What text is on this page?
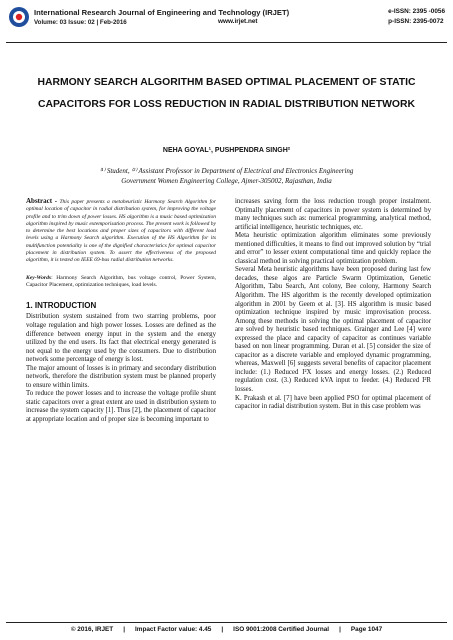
International Research Journal of Engineering and Technology (IRJET)
Volume: 03 Issue: 02 | Feb-2016	www.irjet.net
e-ISSN: 2395 -0056
p-ISSN: 2395-0072
HARMONY SEARCH ALGORITHM BASED OPTIMAL PLACEMENT OF STATIC CAPACITORS FOR LOSS REDUCTION IN RADIAL DISTRIBUTION NETWORK
NEHA GOYAL¹, PUSHPENDRA SINGH²
⁽¹⁾ Student, ⁽²⁾ Assistant Professor in Department of Electrical and Electronics Engineering
Government Women Engineering College, Ajmer-305002, Rajasthan, India

Abstract - This paper presents a metaheuristic Harmony Search Algorithm for optimal location of capacitor in radial distribution system, for improving the voltage profile and to trim down of power losses. HS algorithm is a music based optimization algorithm inspired by music extemporisation process. The present work is followed by to determine the best locations and proper sizes of capacitors with different load levels using a Harmony Search algorithm. Execution of the HS Algorithm for its multifunction potentiality is one of the dignified characteristics for optimal capacitor placement in distribution system. To assert the effectiveness of the proposed algorithm, it is tested on IEEE 69-bus radial distribution networks.

Key-Words: Harmony Search Algorithm, bus voltage control, Power System, Capacitor Placement, optimization techniques, load levels.

1. INTRODUCTION

Distribution system sustained from two starring problems, poor voltage regulation and high power losses. Losses are defined as the difference between energy input in the system and the energy utilized by the end users. Its fact that electrical energy generated is not equal to the energy used by the consumers. Due to distribution network some percentage of energy is lost.

The major amount of losses is in primary and secondary distribution network, therefore the distribution system must be planned properly to ensure within limits.

To reduce the power losses and to increase the voltage profile shunt static capacitors over a great extent are used in distribution system to increase the system capacity [1]. Thus [2], the placement of capacitor at appropriate location and of proper size is becoming important to

increases saving form the loss reduction trough proper instalment. Optimally placement of capacitors in power system is determined by many techniques such as: numerical programming, analytical method, artificial intelligence, heuristic techniques, etc.

Meta heuristic optimization algorithm eliminates some previously mentioned difficulties, it means to find out improved solution by “trial and error” to lesser extent computational time and quickly replace the classical method in solving practical optimization problem.

Several Meta heuristic algorithms have been proposed during last few decades, these algos are Particle Swarm Optimization, Genetic Algorithm, Tabu Search, Ant colony, Bee colony, Harmony Search Algorithm. The HS algorithm is the recently developed optimization algorithm in 2001 by Geem et al. [3]. HS algorithm is music based optimization technique inspired by music improvisation process. Among these methods in solving the optimal placement of capacitor are solved by heuristic based techniques. Grainger and Lee [4] were expressed the place and capacity of capacitor as continues variable based on non linear programming. Duran et al. [5] consider the size of capacitor as a discrete variable and employed dynamic programming, whereas, Maxwell [6] suggests several benefits of capacitor placement include: (1.) Reduced I²X losses and energy losses. (2.) Reduced regulation cost. (3.) Reduced kVA input to feeder. (4.) Reduced I²R losses.

K. Prakash et al. [7] have been applied PSO for optimal placement of capacitor in radial distribution system. But in this case problem was

© 2016, IRJET | Impact Factor value: 4.45 | ISO 9001:2008 Certified Journal | Page 1047
